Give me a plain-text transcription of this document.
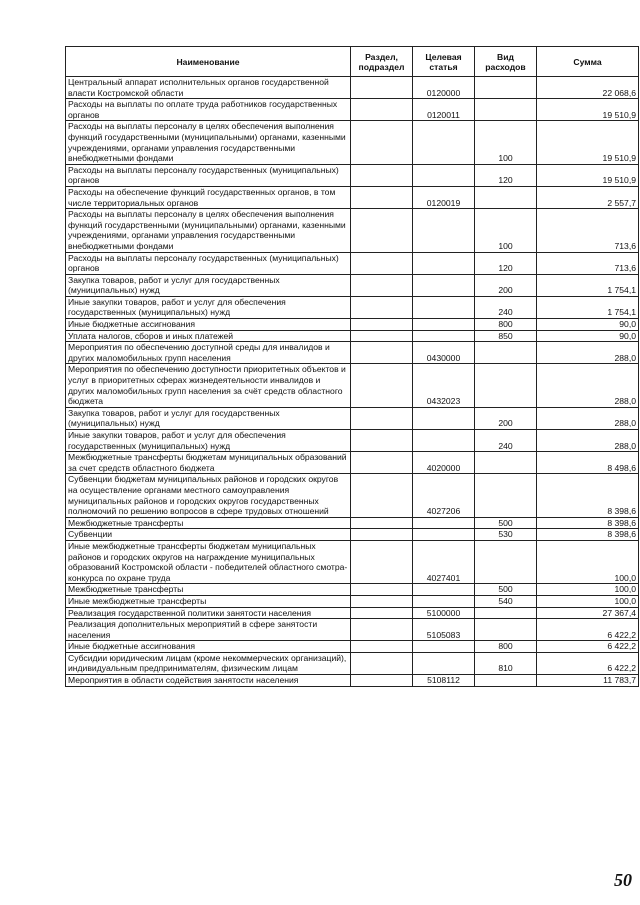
Наименование	Раздел, подраздел	Целевая статья	Вид расходов	Сумма
Центральный аппарат исполнительных органов государственной власти Костромской области		0120000		22 068,6
Расходы на выплаты по оплате труда работников государственных органов		0120011		19 510,9
Расходы на выплаты персоналу в целях обеспечения выполнения функций государственными (муниципальными) органами, казенными учреждениями, органами управления государственными внебюджетными фондами			100	19 510,9
Расходы на выплаты персоналу государственных (муниципальных) органов			120	19 510,9
Расходы на обеспечение функций государственных органов, в том числе территориальных органов		0120019		2 557,7
Расходы на выплаты персоналу в целях обеспечения выполнения функций государственными (муниципальными) органами, казенными учреждениями, органами управления государственными внебюджетными фондами			100	713,6
Расходы на выплаты персоналу государственных (муниципальных) органов			120	713,6
Закупка товаров, работ и услуг для государственных (муниципальных) нужд			200	1 754,1
Иные закупки товаров, работ и услуг для обеспечения государственных (муниципальных) нужд			240	1 754,1
Иные бюджетные ассигнования			800	90,0
Уплата налогов, сборов и иных платежей			850	90,0
Мероприятия по обеспечению доступной среды для инвалидов и других маломобильных групп населения		0430000		288,0
Мероприятия по обеспечению доступности приоритетных объектов и услуг в приоритетных сферах жизнедеятельности инвалидов и других маломобильных групп населения за счёт средств областного бюджета		0432023		288,0
Закупка товаров, работ и услуг для государственных (муниципальных) нужд			200	288,0
Иные закупки товаров, работ и услуг для обеспечения государственных (муниципальных) нужд			240	288,0
Межбюджетные трансферты бюджетам муниципальных образований за счет средств областного бюджета		4020000		8 498,6
Субвенции бюджетам муниципальных районов и городских округов на осуществление органами местного самоуправления муниципальных районов и городских округов государственных полномочий по решению вопросов в сфере трудовых отношений		4027206		8 398,6
Межбюджетные трансферты			500	8 398,6
Субвенции			530	8 398,6
Иные межбюджетные трансферты бюджетам муниципальных районов и городских округов на награждение муниципальных образований Костромской области - победителей областного смотра-конкурса по охране труда		4027401		100,0
Межбюджетные трансферты			500	100,0
Иные межбюджетные трансферты			540	100,0
Реализация государственной политики занятости населения		5100000		27 367,4
Реализация дополнительных мероприятий в сфере занятости населения		5105083		6 422,2
Иные бюджетные ассигнования			800	6 422,2
Субсидии юридическим лицам (кроме некоммерческих организаций), индивидуальным предпринимателям, физическим лицам			810	6 422,2
Мероприятия в области содействия занятости населения		5108112		11 783,7
50
